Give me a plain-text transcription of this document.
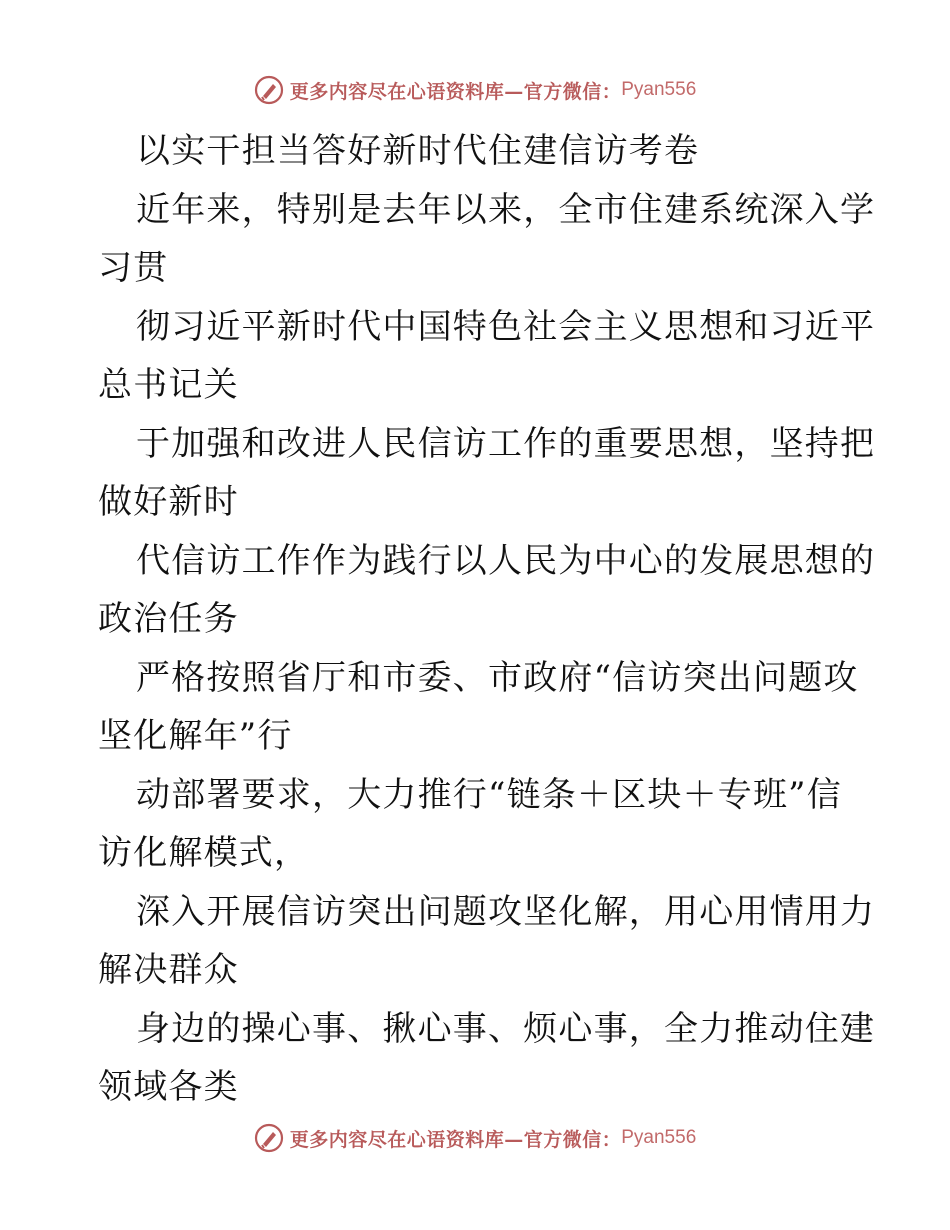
更多内容尽在心语资料库—官方微信： Pyan556
以实干担当答好新时代住建信访考卷
近年来，特别是去年以来，全市住建系统深入学
习贯
彻习近平新时代中国特色社会主义思想和习近平
总书记关
于加强和改进人民信访工作的重要思想，坚持把
做好新时
代信访工作作为践行以人民为中心的发展思想的
政治任务
严格按照省厅和市委、市政府“信访突出问题攻
坚化解年”行
动部署要求，大力推行“链条＋区块＋专班”信
访化解模式，
深入开展信访突出问题攻坚化解，用心用情用力
解决群众
身边的操心事、揪心事、烦心事，全力推动住建
领域各类
更多内容尽在心语资料库—官方微信： Pyan556
